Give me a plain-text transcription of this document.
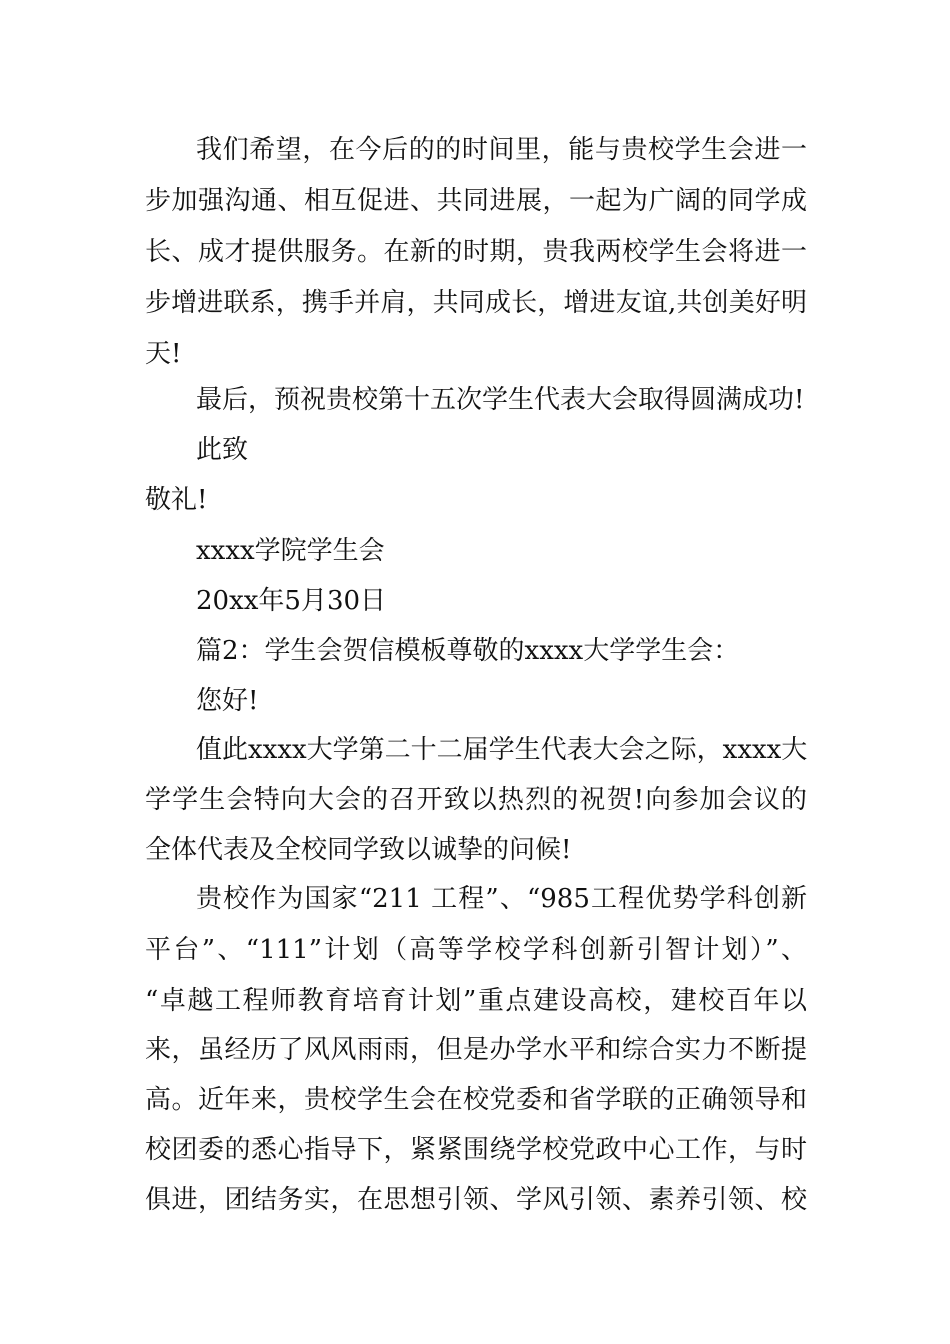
我们希望，在今后的的时间里，能与贵校学生会进一
步加强沟通、相互促进、共同进展，一起为广阔的同学成
长、成才提供服务。在新的时期，贵我两校学生会将进一
步增进联系，携手并肩，共同成长，增进友谊,共创美好明
天!
最后，预祝贵校第十五次学生代表大会取得圆满成功!
此致
敬礼!
xxxx学院学生会
20xx年5月30日
篇2：学生会贺信模板尊敬的xxxx大学学生会：
您好!
值此xxxx大学第二十二届学生代表大会之际，xxxx大
学学生会特向大会的召开致以热烈的祝贺!向参加会议的
全体代表及全校同学致以诚挚的问候!
贵校作为国家“211 工程”、“985工程优势学科创新
平台”、“111”计划（高等学校学科创新引智计划）”、
“卓越工程师教育培育计划”重点建设高校，建校百年以
来，虽经历了风风雨雨，但是办学水平和综合实力不断提
高。近年来，贵校学生会在校党委和省学联的正确领导和
校团委的悉心指导下，紧紧围绕学校党政中心工作，与时
俱进，团结务实，在思想引领、学风引领、素养引领、校
